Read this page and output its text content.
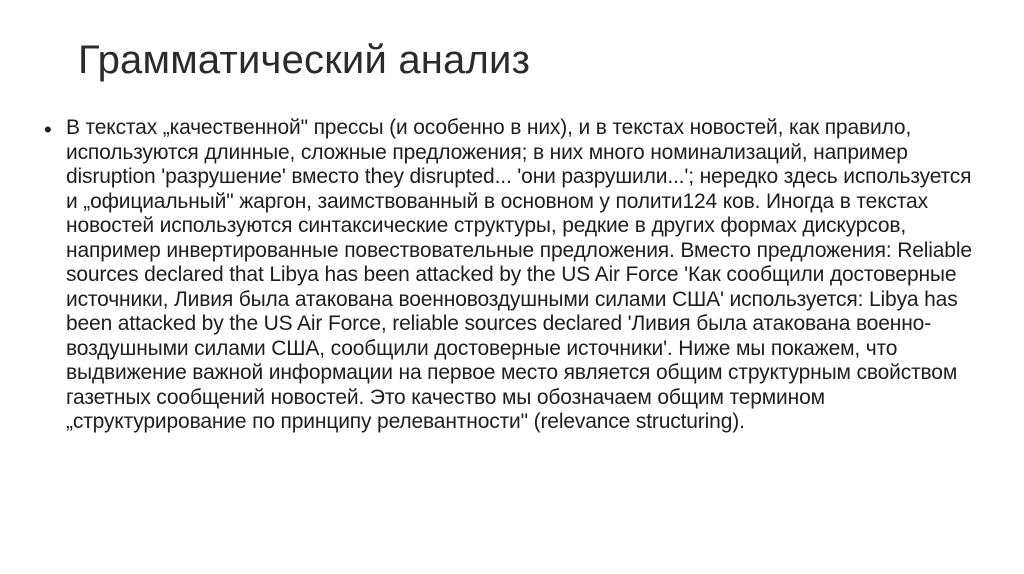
Грамматический анализ
• В текстах „качественной" прессы (и особенно в них), и в текстах новостей, как правило, используются длинные, сложные предложения; в них много номинализаций, например disruption 'разрушение' вместо they disrupted... 'они разрушили...'; нередко здесь используется и „официальный" жаргон, заимствованный в основном у полити124 ков. Иногда в текстах новостей используются синтаксические структуры, редкие в других формах дискурсов, например инвертированные повествовательные предложения. Вместо предложения: Reliable sources declared that Libya has been attacked by the US Air Force 'Как сообщили достоверные источники, Ливия была атакована военновоздушными силами США' используется: Libya has been attacked by the US Air Force, reliable sources declared 'Ливия была атакована военно-воздушными силами США, сообщили достоверные источники'. Ниже мы покажем, что выдвижение важной информации на первое место является общим структурным свойством газетных сообщений новостей. Это качество мы обозначаем общим термином „структурирование по принципу релевантности" (relevance structuring).
